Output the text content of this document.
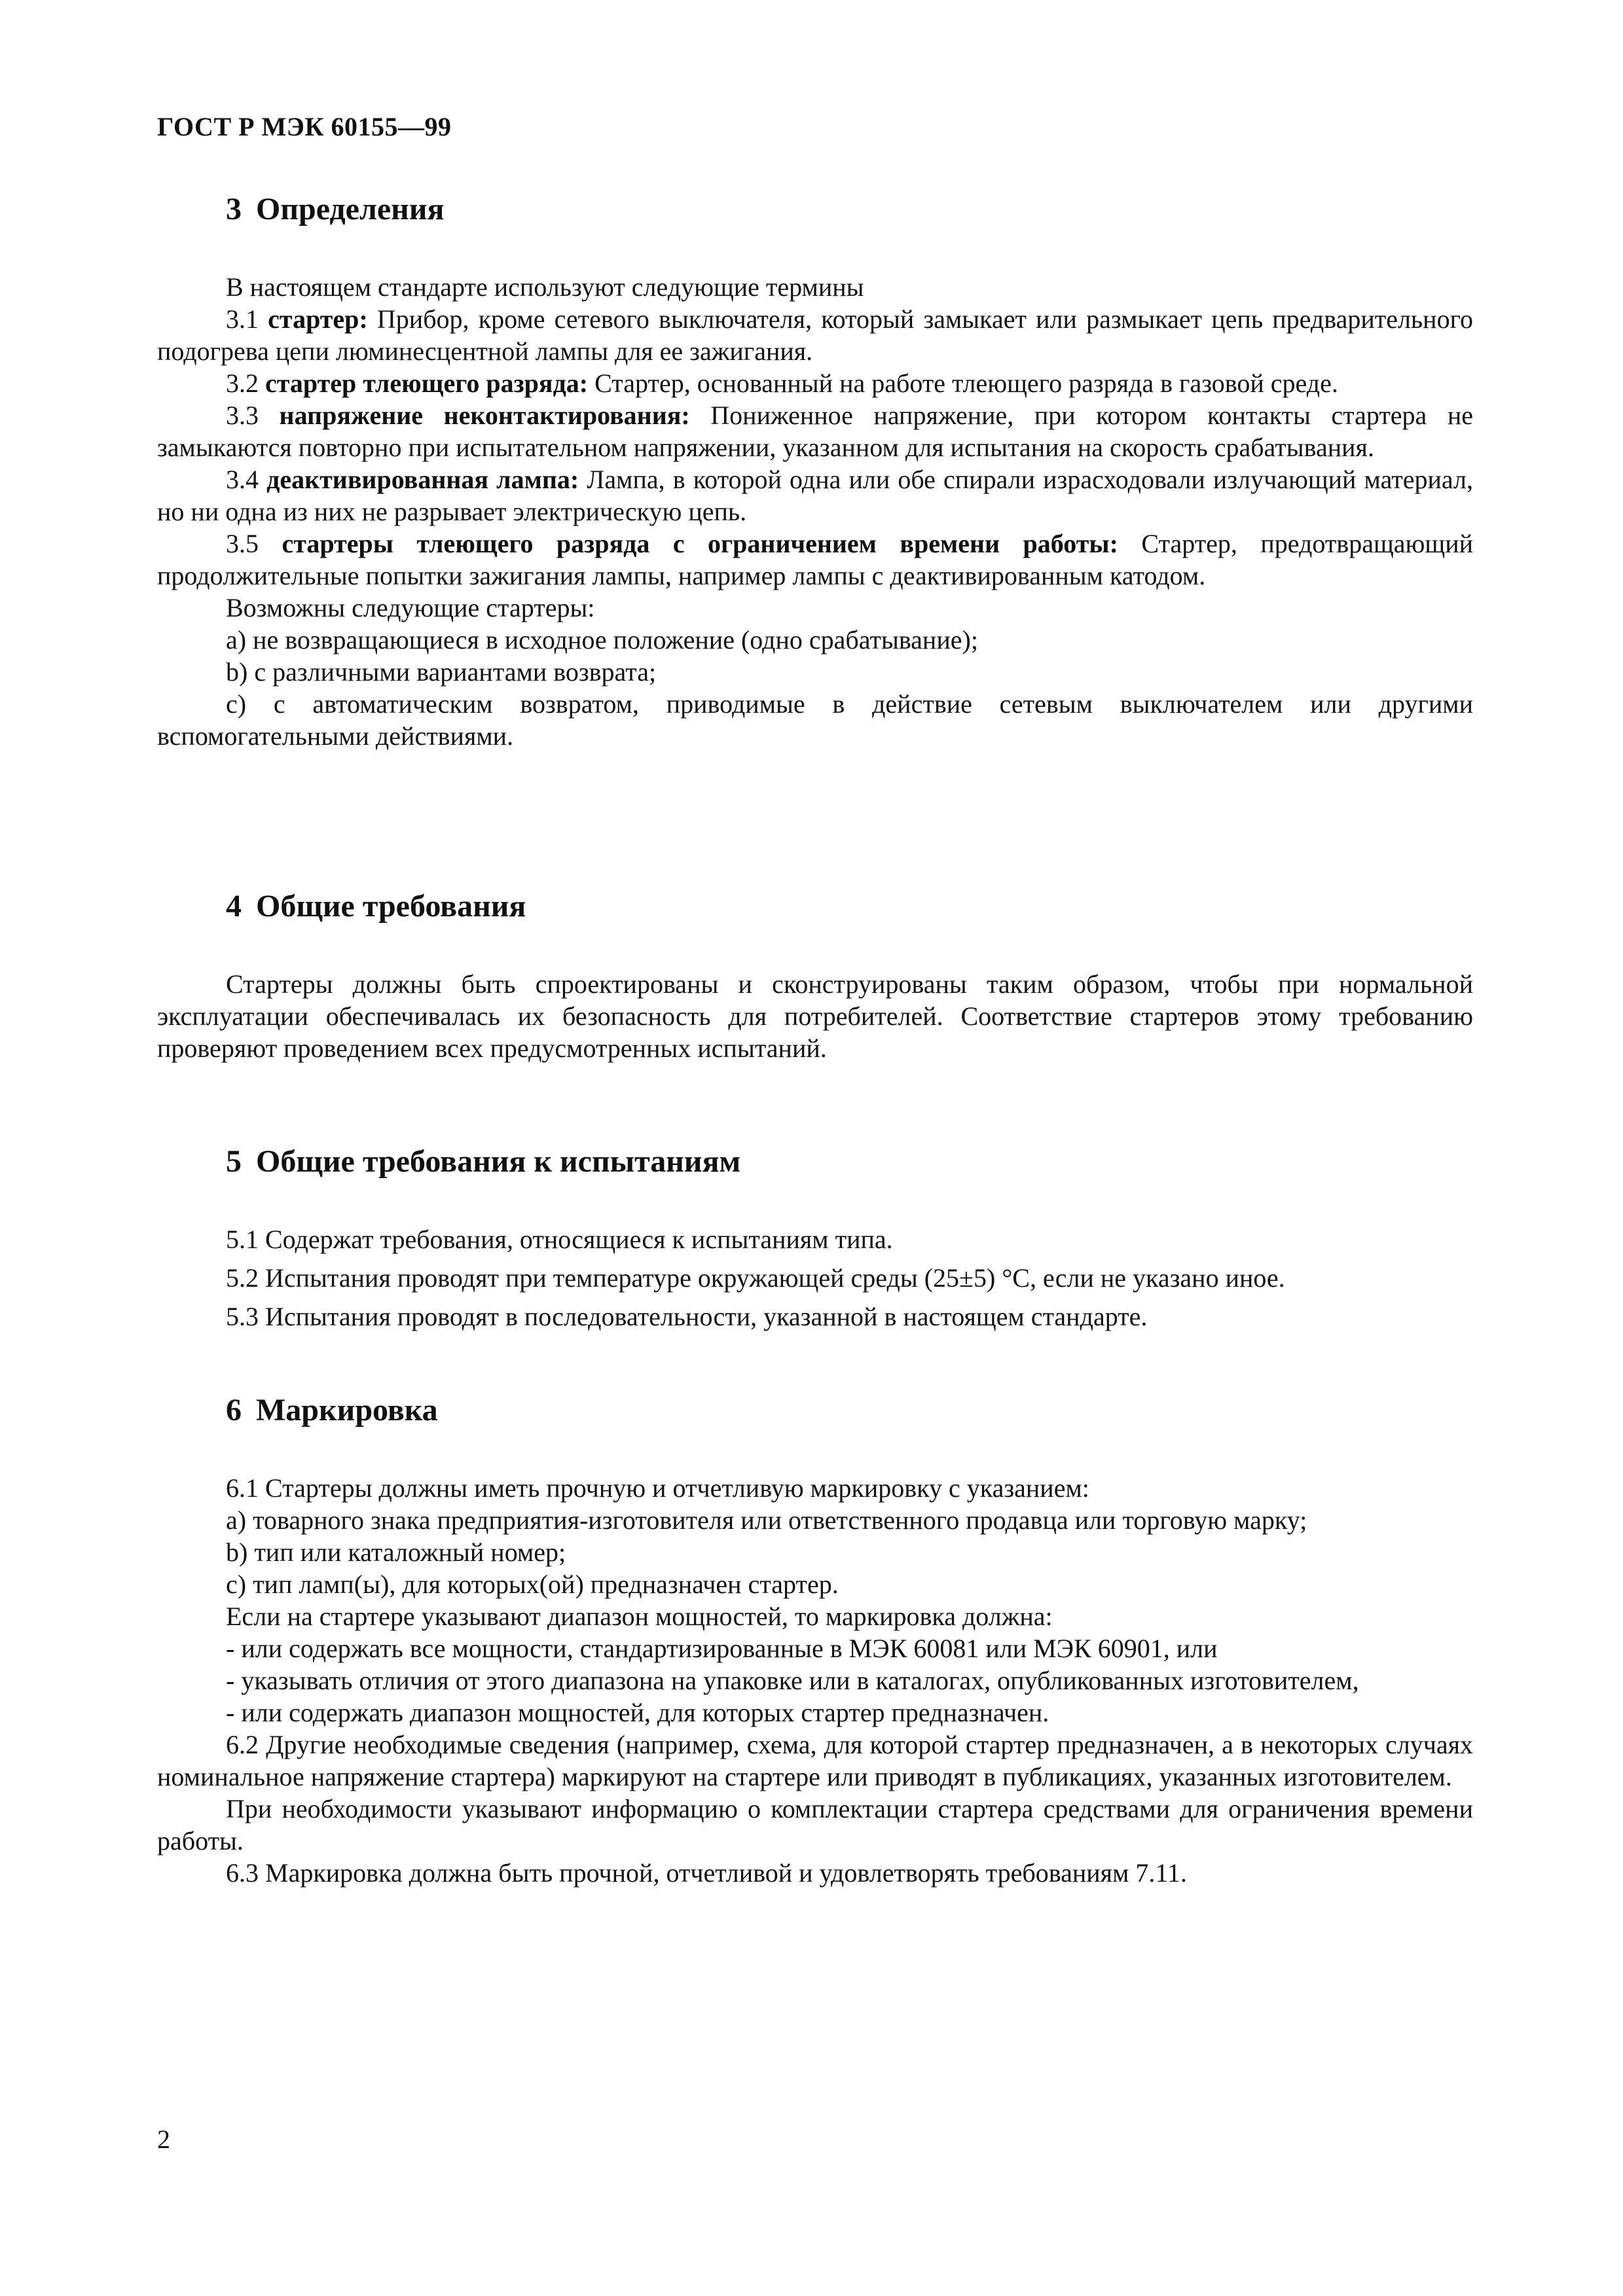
ГОСТ Р МЭК 60155—99
3 Определения

В настоящем стандарте используют следующие термины

3.1 стартер: Прибор, кроме сетевого выключателя, который замыкает или размыкает цепь предварительного подогрева цепи люминесцентной лампы для ее зажигания.

3.2 стартер тлеющего разряда: Стартер, основанный на работе тлеющего разряда в газовой среде.

3.3 напряжение неконтактирования: Пониженное напряжение, при котором контакты стартера не замыкаются повторно при испытательном напряжении, указанном для испытания на скорость срабатывания.

3.4 деактивированная лампа: Лампа, в которой одна или обе спирали израсходовали излучающий материал, но ни одна из них не разрывает электрическую цепь.

3.5 стартеры тлеющего разряда с ограничением времени работы: Стартер, предотвращающий продолжительные попытки зажигания лампы, например лампы с деактивированным катодом.

Возможны следующие стартеры:

a) не возвращающиеся в исходное положение (одно срабатывание);

b) с различными вариантами возврата;

c) с автоматическим возвратом, приводимые в действие сетевым выключателем или другими вспомогательными действиями.

4 Общие требования

Стартеры должны быть спроектированы и сконструированы таким образом, чтобы при нормальной эксплуатации обеспечивалась их безопасность для потребителей. Соответствие стартеров этому требованию проверяют проведением всех предусмотренных испытаний.

5 Общие требования к испытаниям

5.1 Содержат требования, относящиеся к испытаниям типа.

5.2 Испытания проводят при температуре окружающей среды (25±5) °С, если не указано иное.

5.3 Испытания проводят в последовательности, указанной в настоящем стандарте.

6 Маркировка

6.1 Стартеры должны иметь прочную и отчетливую маркировку с указанием:

a) товарного знака предприятия-изготовителя или ответственного продавца или торговую марку;

b) тип или каталожный номер;

c) тип ламп(ы), для которых(ой) предназначен стартер.

Если на стартере указывают диапазон мощностей, то маркировка должна:

- или содержать все мощности, стандартизированные в МЭК 60081 или МЭК 60901, или

- указывать отличия от этого диапазона на упаковке или в каталогах, опубликованных изготовителем,

- или содержать диапазон мощностей, для которых стартер предназначен.

6.2 Другие необходимые сведения (например, схема, для которой стартер предназначен, а в некоторых случаях номинальное напряжение стартера) маркируют на стартере или приводят в публикациях, указанных изготовителем.

При необходимости указывают информацию о комплектации стартера средствами для ограничения времени работы.

6.3 Маркировка должна быть прочной, отчетливой и удовлетворять требованиям 7.11.

2
